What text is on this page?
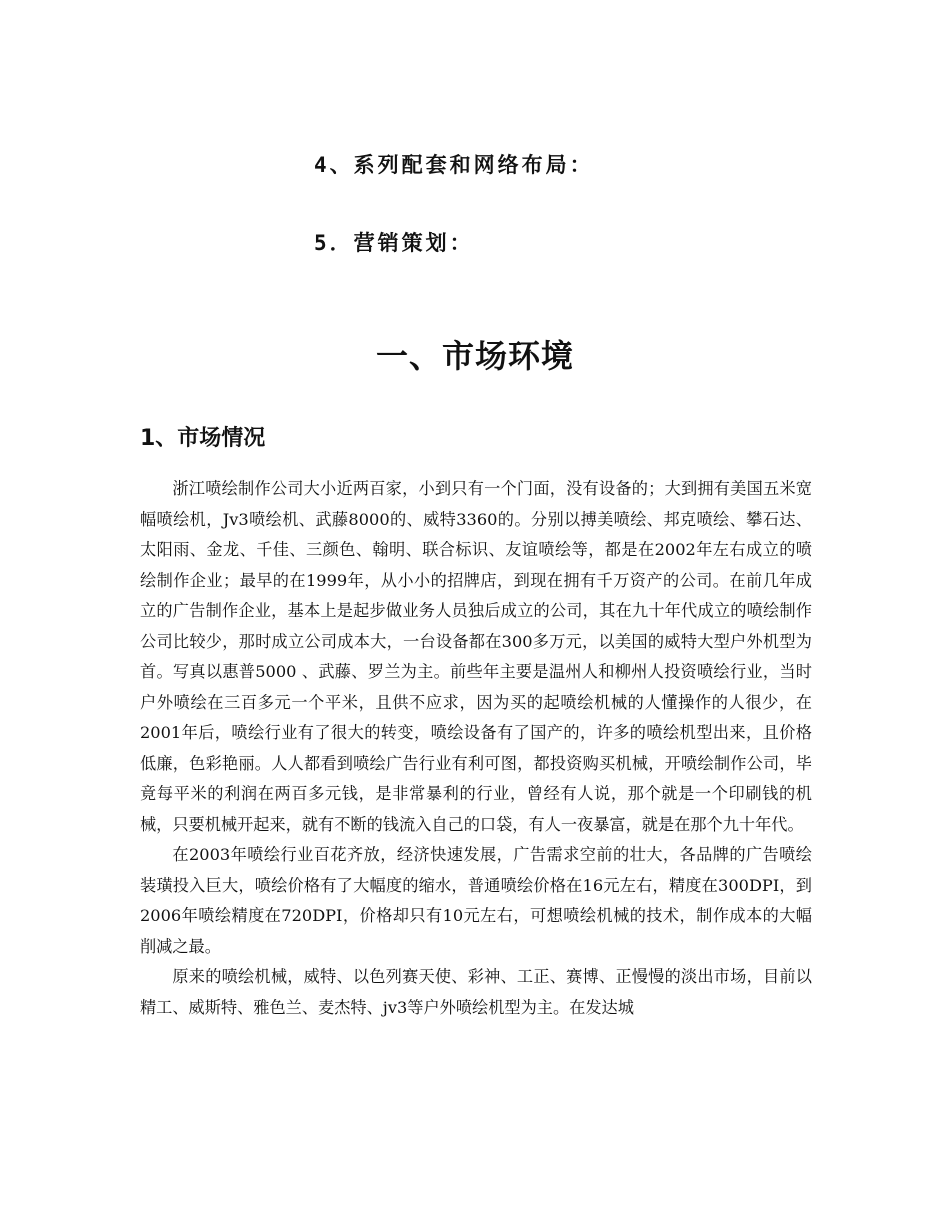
4、系列配套和网络布局：
5．营销策划：
一、市场环境
1、市场情况

浙江喷绘制作公司大小近两百家，小到只有一个门面，没有设备的；大到拥有美国五米宽幅喷绘机，Jv3喷绘机、武藤8000的、威特3360的。分别以搏美喷绘、邦克喷绘、攀石达、太阳雨、金龙、千佳、三颜色、翰明、联合标识、友谊喷绘等，都是在2002年左右成立的喷绘制作企业；最早的在1999年，从小小的招牌店，到现在拥有千万资产的公司。在前几年成立的广告制作企业，基本上是起步做业务人员独后成立的公司，其在九十年代成立的喷绘制作公司比较少，那时成立公司成本大，一台设备都在300多万元，以美国的威特大型户外机型为首。写真以惠普5000 、武藤、罗兰为主。前些年主要是温州人和柳州人投资喷绘行业，当时户外喷绘在三百多元一个平米，且供不应求，因为买的起喷绘机械的人懂操作的人很少，在2001年后，喷绘行业有了很大的转变，喷绘设备有了国产的，许多的喷绘机型出来，且价格低廉，色彩艳丽。人人都看到喷绘广告行业有利可图，都投资购买机械，开喷绘制作公司，毕竟每平米的利润在两百多元钱，是非常暴利的行业，曾经有人说，那个就是一个印刷钱的机械，只要机械开起来，就有不断的钱流入自己的口袋，有人一夜暴富，就是在那个九十年代。

在2003年喷绘行业百花齐放，经济快速发展，广告需求空前的壮大，各品牌的广告喷绘装璜投入巨大，喷绘价格有了大幅度的缩水，普通喷绘价格在16元左右，精度在300DPI，到2006年喷绘精度在720DPI，价格却只有10元左右，可想喷绘机械的技术，制作成本的大幅削减之最。

原来的喷绘机械，威特、以色列赛天使、彩神、工正、赛博、正慢慢的淡出市场，目前以精工、威斯特、雅色兰、麦杰特、jv3等户外喷绘机型为主。在发达城
